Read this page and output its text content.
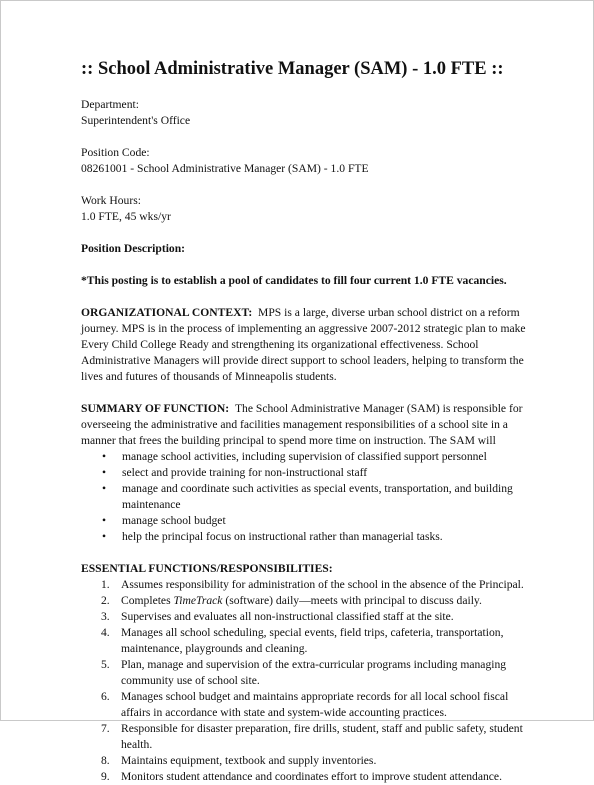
:: School Administrative Manager (SAM) - 1.0 FTE ::
Department:
Superintendent's Office
Position Code:
08261001 - School Administrative Manager (SAM) - 1.0 FTE
Work Hours:
1.0 FTE, 45 wks/yr
Position Description:
*This posting is to establish a pool of candidates to fill four current 1.0 FTE vacancies.
ORGANIZATIONAL CONTEXT: MPS is a large, diverse urban school district on a reform
journey. MPS is in the process of implementing an aggressive 2007-2012 strategic plan to make
Every Child College Ready and strengthening its organizational effectiveness. School
Administrative Managers will provide direct support to school leaders, helping to transform the
lives and futures of thousands of Minneapolis students.
SUMMARY OF FUNCTION: The School Administrative Manager (SAM) is responsible for
overseeing the administrative and facilities management responsibilities of a school site in a
manner that frees the building principal to spend more time on instruction. The SAM will
• manage school activities, including supervision of classified support personnel
• select and provide training for non-instructional staff
• manage and coordinate such activities as special events, transportation, and building
maintenance
• manage school budget
• help the principal focus on instructional rather than managerial tasks.
ESSENTIAL FUNCTIONS/RESPONSIBILITIES:
1. Assumes responsibility for administration of the school in the absence of the Principal.
2. Completes TimeTrack (software) daily—meets with principal to discuss daily.
3. Supervises and evaluates all non-instructional classified staff at the site.
4. Manages all school scheduling, special events, field trips, cafeteria, transportation,
maintenance, playgrounds and cleaning.
5. Plan, manage and supervision of the extra-curricular programs including managing
community use of school site.
6. Manages school budget and maintains appropriate records for all local school fiscal
affairs in accordance with state and system-wide accounting practices.
7. Responsible for disaster preparation, fire drills, student, staff and public safety, student
health.
8. Maintains equipment, textbook and supply inventories.
9. Monitors student attendance and coordinates effort to improve student attendance.
